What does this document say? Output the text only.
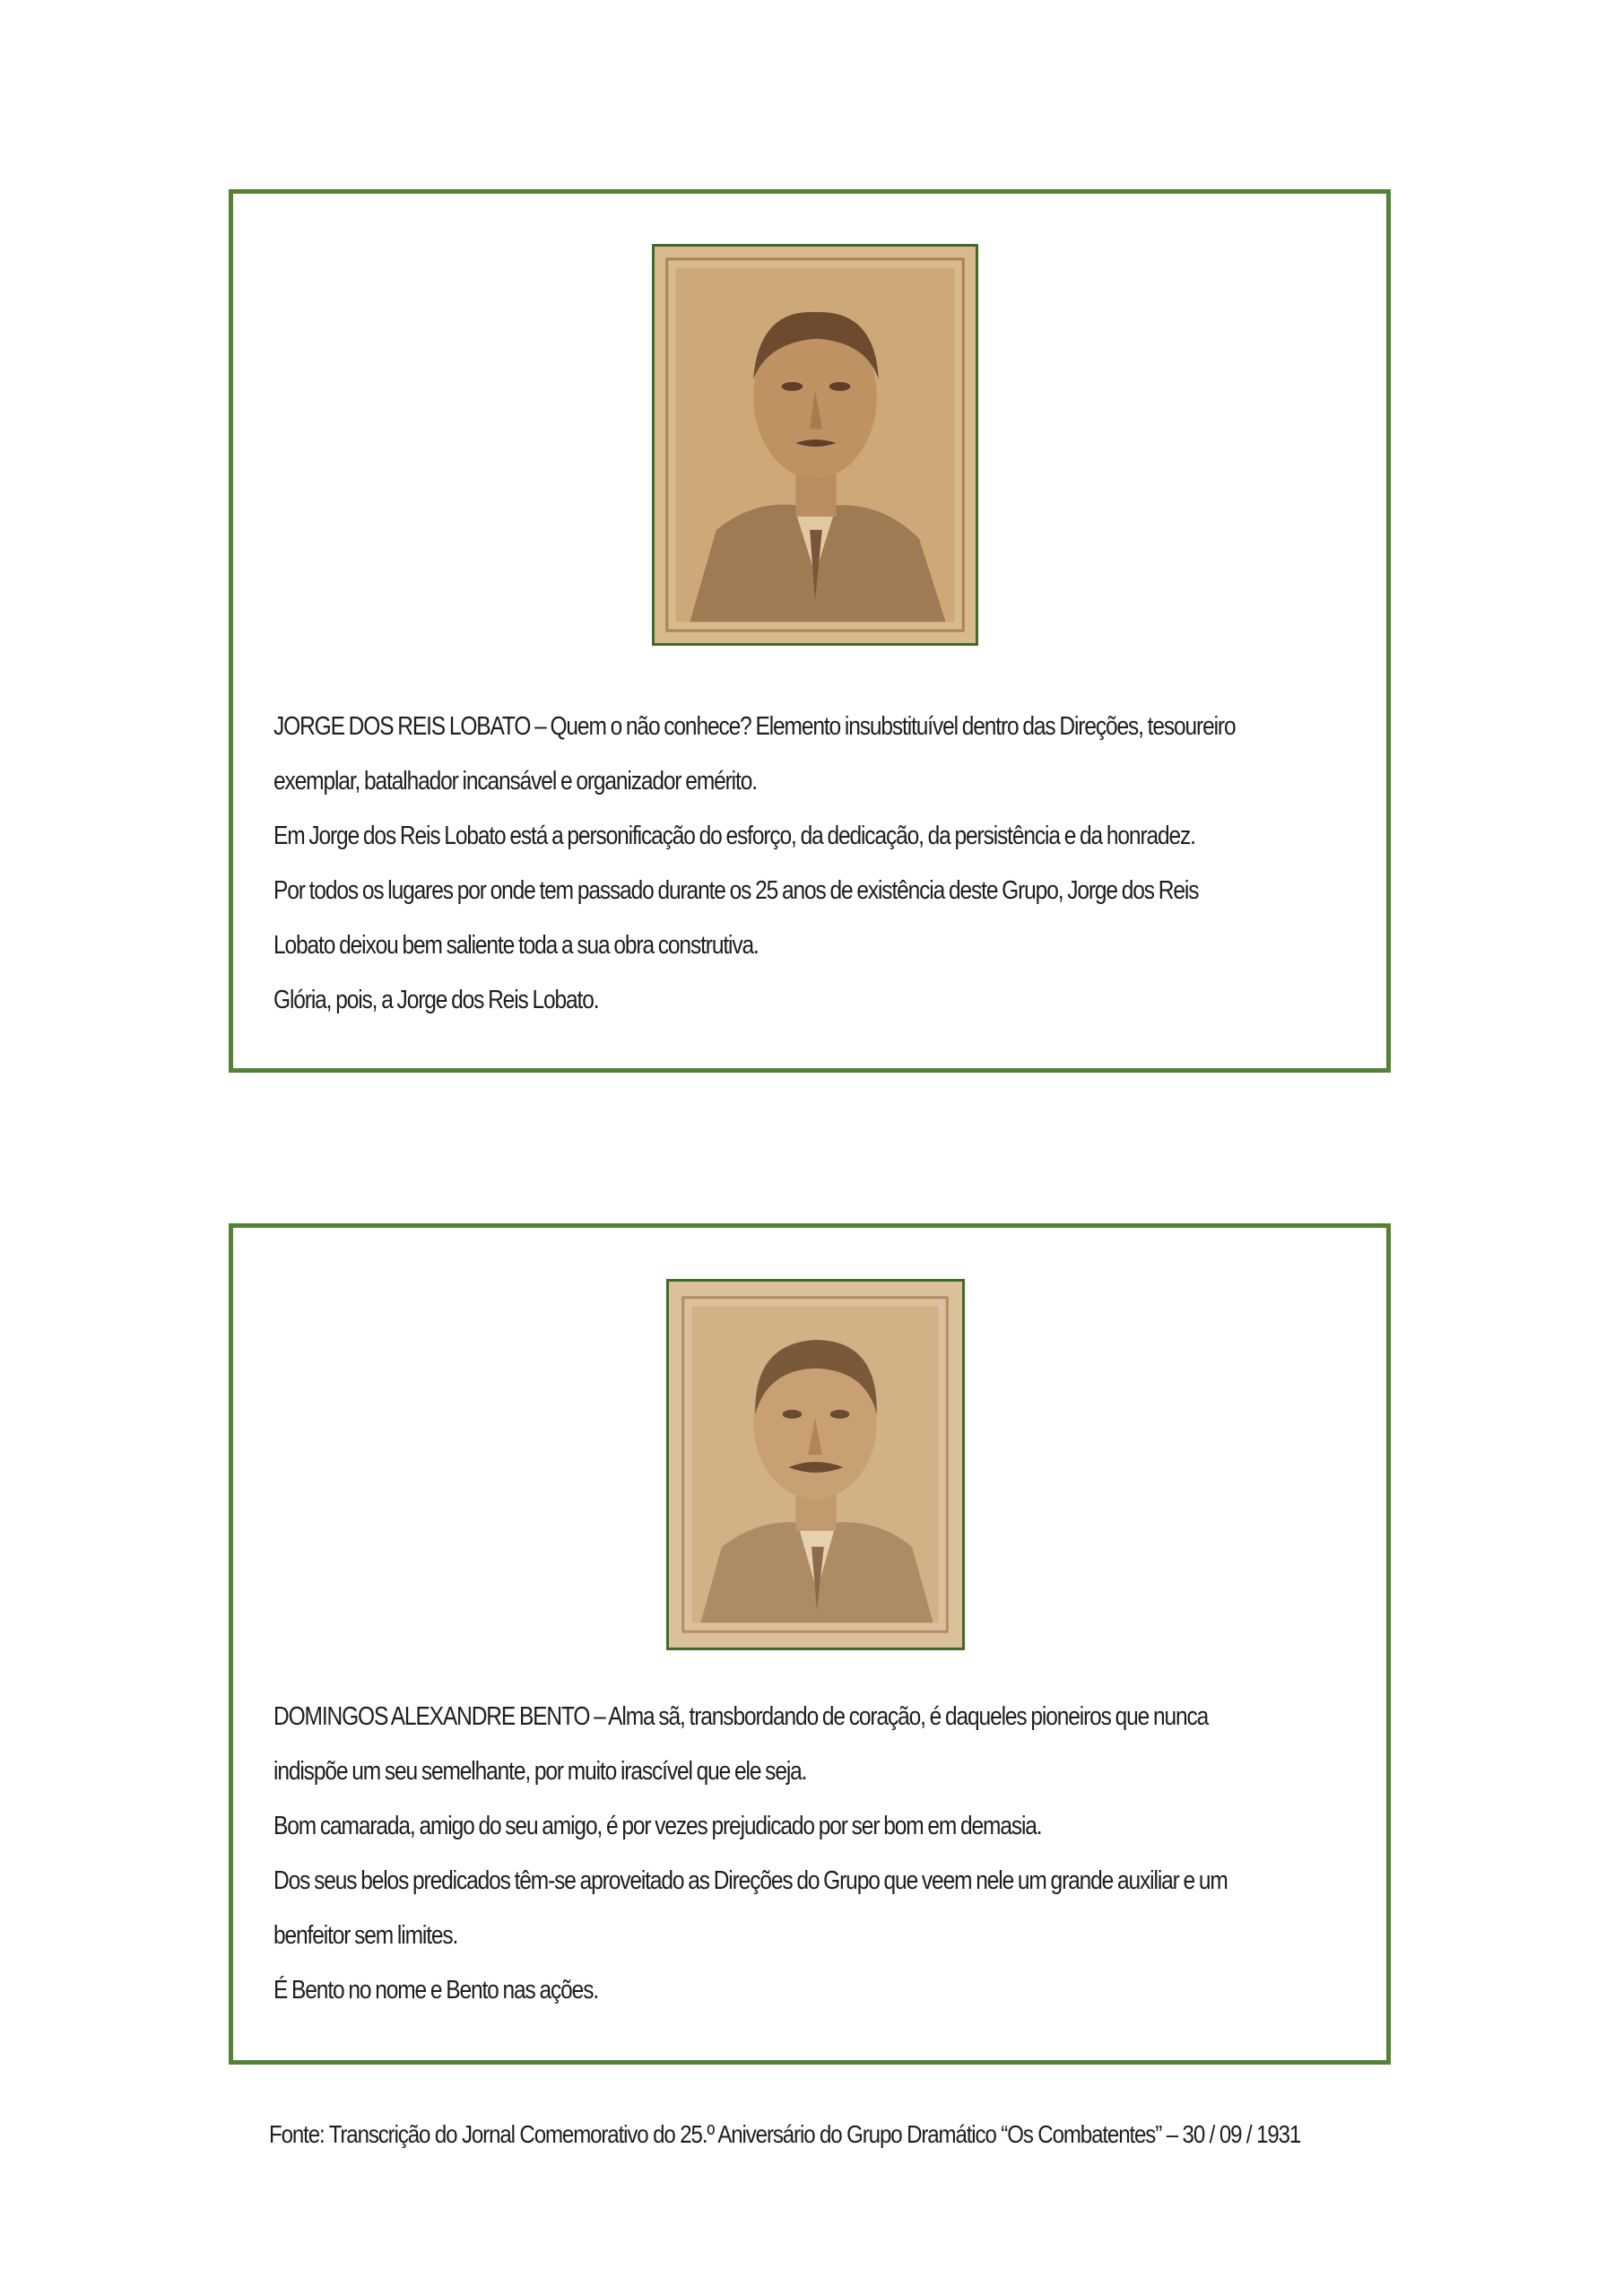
JORGE DOS REIS LOBATO – Quem o não conhece? Elemento insubstituível dentro das Direções, tesoureiro

exemplar, batalhador incansável e organizador emérito.

Em Jorge dos Reis Lobato está a personificação do esforço, da dedicação, da persistência e da honradez.

Por todos os lugares por onde tem passado durante os 25 anos de existência deste Grupo, Jorge dos Reis

Lobato deixou bem saliente toda a sua obra construtiva.

Glória, pois, a Jorge dos Reis Lobato.

DOMINGOS ALEXANDRE BENTO – Alma sã, transbordando de coração, é daqueles pioneiros que nunca

indispõe um seu semelhante, por muito irascível que ele seja.

Bom camarada, amigo do seu amigo, é por vezes prejudicado por ser bom em demasia.

Dos seus belos predicados têm-se aproveitado as Direções do Grupo que veem nele um grande auxiliar e um

benfeitor sem limites.

É Bento no nome e Bento nas ações.

Fonte: Transcrição do Jornal Comemorativo do 25.º Aniversário do Grupo Dramático “Os Combatentes” – 30 / 09 / 1931
